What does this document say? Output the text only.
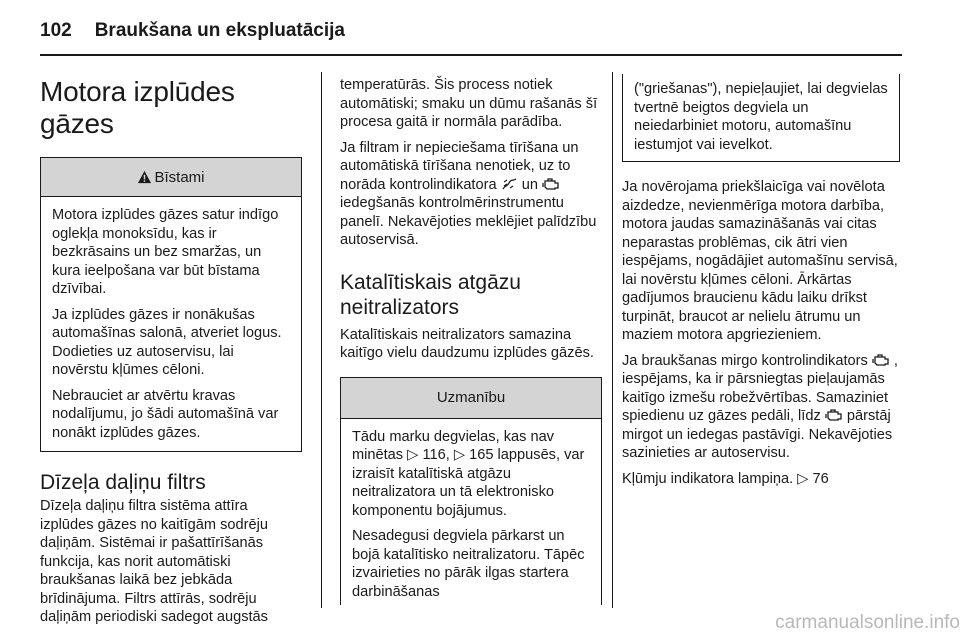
102 Braukšana un ekspluatācija
Motora izplūdes gāzes
Bīstami

Motora izplūdes gāzes satur indīgo oglekļa monoksīdu, kas ir bezkrāsains un bez smaržas, un kura ieelpošana var būt bīstama dzīvībai.

Ja izplūdes gāzes ir nonākušas automašīnas salonā, atveriet logus. Dodieties uz autoservisu, lai novērstu kļūmes cēloni.

Nebrauciet ar atvērtu kravas nodalījumu, jo šādi automašīnā var nonākt izplūdes gāzes.

Dīzeļa daļiņu filtrs

Dīzeļa daļiņu filtra sistēma attīra izplūdes gāzes no kaitīgām sodrēju daļiņām. Sistēmai ir pašattīrīšanās funkcija, kas norit automātiski braukšanas laikā bez jebkāda brīdinājuma. Filtrs attīrās, sodrēju daļiņām periodiski sadegot augstās

temperatūrās. Šis process notiek automātiski; smaku un dūmu rašanās šī procesa gaitā ir normāla parādība.

Ja filtram ir nepieciešama tīrīšana un automātiskā tīrīšana nenotiek, uz to norāda kontrolindikatora un  iedegšanās kontrolmērinstrumentu panelī. Nekavējoties meklējiet palīdzību autoservisā.

Katalītiskais atgāzu neitralizators

Katalītiskais neitralizators samazina kaitīgo vielu daudzumu izplūdes gāzēs.

Uzmanību

Tādu marku degvielas, kas nav minētas ▷ 116, ▷ 165 lappusēs, var izraisīt katalītiskā atgāzu neitralizatora un tā elektronisko komponentu bojājumus.

Nesadegusi degviela pārkarst un bojā katalītisko neitralizatoru. Tāpēc izvairieties no pārāk ilgas startera darbināšanas

("griešanas"), nepieļaujiet, lai degvielas tvertnē beigtos degviela un neiedarbiniet motoru, automašīnu iestumjot vai ievelkot.

Ja novērojama priekšlaicīga vai novēlota aizdedze, nevienmērīga motora darbība, motora jaudas samazināšanās vai citas neparastas problēmas, cik ātri vien iespējams, nogādājiet automašīnu servisā, lai novērstu kļūmes cēloni. Ārkārtas gadījumos braucienu kādu laiku drīkst turpināt, braucot ar nelielu ātrumu un maziem motora apgriezieniem.

Ja braukšanas mirgo kontrolindikators , iespējams, ka ir pārsniegtas pieļaujamās kaitīgo izmešu robežvērtības. Samaziniet spiedienu uz gāzes pedāli, līdz pārstāj mirgot un iedegas pastāvīgi. Nekavējoties sazinieties ar autoservisu.

Kļūmju indikatora lampiņa. ▷ 76

carmanualsonline.info
